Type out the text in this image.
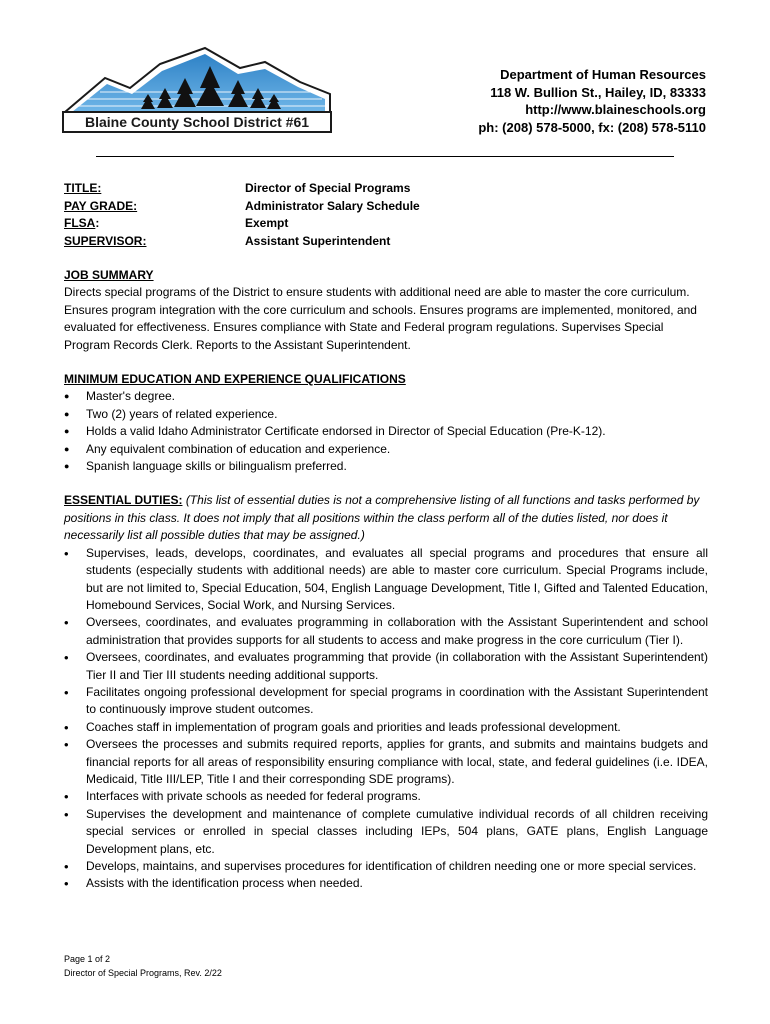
Blaine County School District #61
Department of Human Resources
118 W. Bullion St., Hailey, ID, 83333
http://www.blaineschools.org
ph: (208) 578-5000, fx: (208) 578-5110
TITLE:	Director of Special Programs
PAY GRADE:	Administrator Salary Schedule
FLSA:	Exempt
SUPERVISOR:	Assistant Superintendent
JOB SUMMARY

Directs special programs of the District to ensure students with additional need are able to master the core curriculum. Ensures program integration with the core curriculum and schools. Ensures programs are implemented, monitored, and evaluated for effectiveness. Ensures compliance with State and Federal program regulations. Supervises Special Program Records Clerk. Reports to the Assistant Superintendent.

MINIMUM EDUCATION AND EXPERIENCE QUALIFICATIONS
● Master's degree.
● Two (2) years of related experience.
● Holds a valid Idaho Administrator Certificate endorsed in Director of Special Education (Pre-K-12).
● Any equivalent combination of education and experience.
● Spanish language skills or bilingualism preferred.

ESSENTIAL DUTIES: (This list of essential duties is not a comprehensive listing of all functions and tasks performed by positions in this class. It does not imply that all positions within the class perform all of the duties listed, nor does it necessarily list all possible duties that may be assigned.)

• Supervises, leads, develops, coordinates, and evaluates all special programs and procedures that ensure all students (especially students with additional needs) are able to master core curriculum. Special Programs include, but are not limited to, Special Education, 504, English Language Development, Title I, Gifted and Talented Education, Homebound Services, Social Work, and Nursing Services.
• Oversees, coordinates, and evaluates programming in collaboration with the Assistant Superintendent and school administration that provides supports for all students to access and make progress in the core curriculum (Tier I).
• Oversees, coordinates, and evaluates programming that provide (in collaboration with the Assistant Superintendent) Tier II and Tier III students needing additional supports.
• Facilitates ongoing professional development for special programs in coordination with the Assistant Superintendent to continuously improve student outcomes.
• Coaches staff in implementation of program goals and priorities and leads professional development.
• Oversees the processes and submits required reports, applies for grants, and submits and maintains budgets and financial reports for all areas of responsibility ensuring compliance with local, state, and federal guidelines (i.e. IDEA, Medicaid, Title III/LEP, Title I and their corresponding SDE programs).
• Interfaces with private schools as needed for federal programs.
• Supervises the development and maintenance of complete cumulative individual records of all children receiving special services or enrolled in special classes including IEPs, 504 plans, GATE plans, English Language Development plans, etc.
• Develops, maintains, and supervises procedures for identification of children needing one or more special services.
• Assists with the identification process when needed.
Page 1 of 2
Director of Special Programs, Rev. 2/22
